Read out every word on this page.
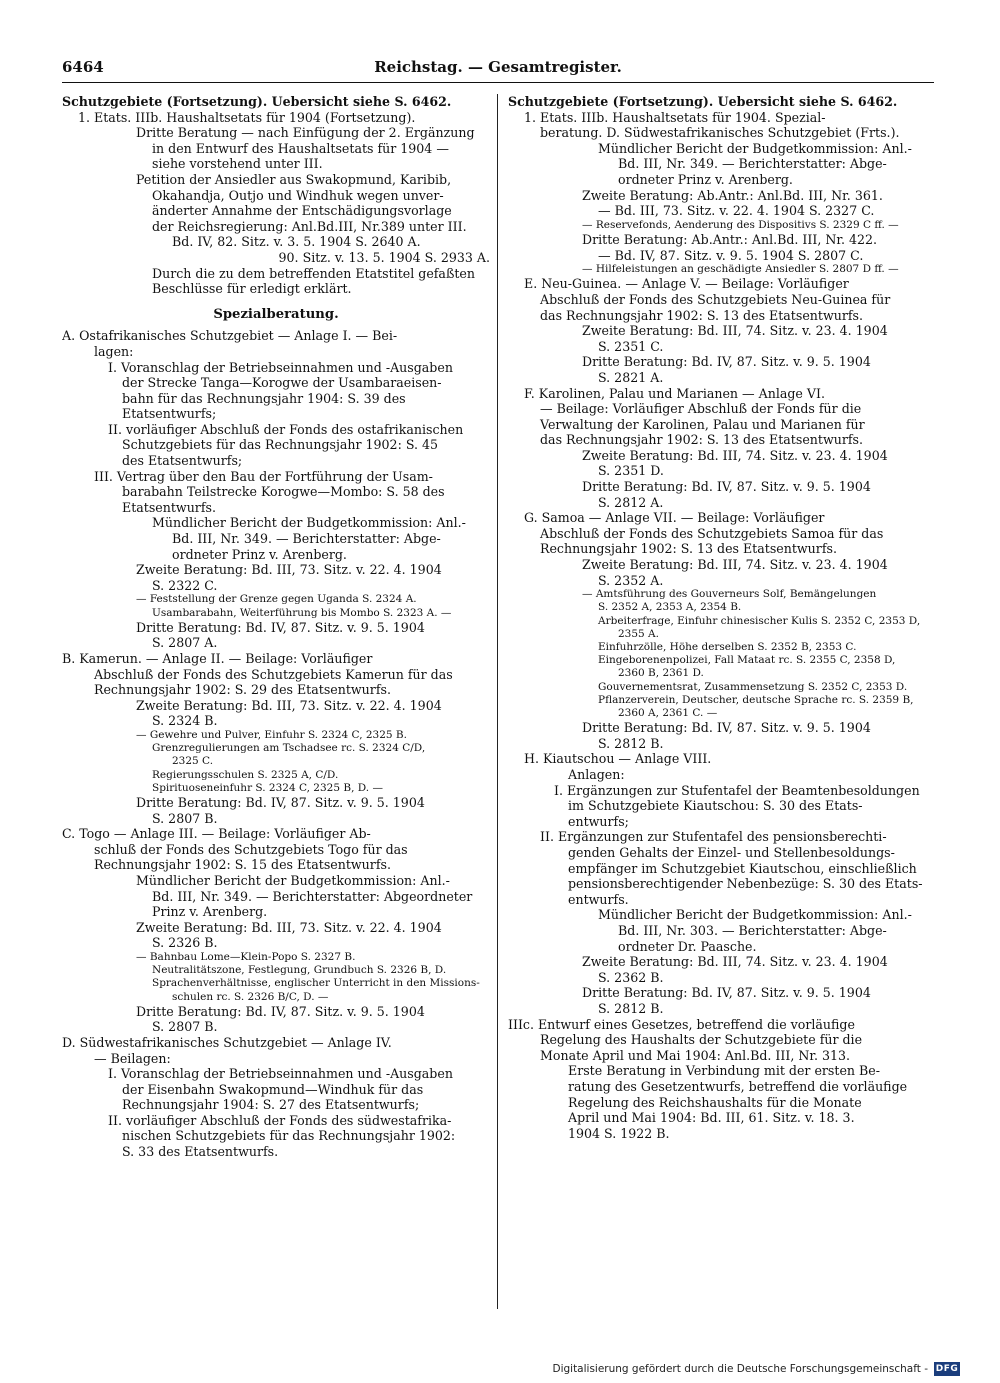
6464	Reichstag. — Gesamtregister.
Schutzgebiete (Fortsetzung). Uebersicht siehe S. 6462.
1. Etats. IIIb. Haushaltsetats für 1904 (Fortsetzung).
Dritte Beratung — nach Einfügung der 2. Ergänzung
in den Entwurf des Haushaltsetats für 1904 —
siehe vorstehend unter III.
Petition der Ansiedler aus Swakopmund, Karibib,
Okahandja, Outjo und Windhuk wegen unver-
änderter Annahme der Entschädigungsvorlage
der Reichsregierung: Anl.Bd.III, Nr.389 unter III.
Bd. IV, 82. Sitz. v. 3. 5. 1904 S. 2640 A.
90. Sitz. v. 13. 5. 1904 S. 2933 A.
Durch die zu dem betreffenden Etatstitel gefaßten
Beschlüsse für erledigt erklärt.
Spezialberatung.
A. Ostafrikanisches Schutzgebiet — Anlage I. — Bei-
lagen:
I. Voranschlag der Betriebseinnahmen und -Ausgaben
der Strecke Tanga—Korogwe der Usambaraeisen-
bahn für das Rechnungsjahr 1904: S. 39 des
Etatsentwurfs;
II. vorläufiger Abschluß der Fonds des ostafrikanischen
Schutzgebiets für das Rechnungsjahr 1902: S. 45
des Etatsentwurfs;
III. Vertrag über den Bau der Fortführung der Usam-
barabahn Teilstrecke Korogwe—Mombo: S. 58 des
Etatsentwurfs.
Mündlicher Bericht der Budgetkommission: Anl.-
Bd. III, Nr. 349. — Berichterstatter: Abge-
ordneter Prinz v. Arenberg.
Zweite Beratung: Bd. III, 73. Sitz. v. 22. 4. 1904
S. 2322 C.
— Feststellung der Grenze gegen Uganda S. 2324 A.
Usambarabahn, Weiterführung bis Mombo S. 2323 A. —
Dritte Beratung: Bd. IV, 87. Sitz. v. 9. 5. 1904
S. 2807 A.
B. Kamerun. — Anlage II. — Beilage: Vorläufiger
Abschluß der Fonds des Schutzgebiets Kamerun für das
Rechnungsjahr 1902: S. 29 des Etatsentwurfs.
Zweite Beratung: Bd. III, 73. Sitz. v. 22. 4. 1904
S. 2324 B.
— Gewehre und Pulver, Einfuhr S. 2324 C, 2325 B.
Grenzregulierungen am Tschadsee rc. S. 2324 C/D,
2325 C.
Regierungsschulen S. 2325 A, C/D.
Spirituoseneinfuhr S. 2324 C, 2325 B, D. —
Dritte Beratung: Bd. IV, 87. Sitz. v. 9. 5. 1904
S. 2807 B.
C. Togo — Anlage III. — Beilage: Vorläufiger Ab-
schluß der Fonds des Schutzgebiets Togo für das
Rechnungsjahr 1902: S. 15 des Etatsentwurfs.
Mündlicher Bericht der Budgetkommission: Anl.-
Bd. III, Nr. 349. — Berichterstatter: Abgeordneter
Prinz v. Arenberg.
Zweite Beratung: Bd. III, 73. Sitz. v. 22. 4. 1904
S. 2326 B.
— Bahnbau Lome—Klein-Popo S. 2327 B.
Neutralitätszone, Festlegung, Grundbuch S. 2326 B, D.
Sprachenverhältnisse, englischer Unterricht in den Missions-
schulen rc. S. 2326 B/C, D. —
Dritte Beratung: Bd. IV, 87. Sitz. v. 9. 5. 1904
S. 2807 B.
D. Südwestafrikanisches Schutzgebiet — Anlage IV.
— Beilagen:
I. Voranschlag der Betriebseinnahmen und -Ausgaben
der Eisenbahn Swakopmund—Windhuk für das
Rechnungsjahr 1904: S. 27 des Etatsentwurfs;
II. vorläufiger Abschluß der Fonds des südwestafrika-
nischen Schutzgebiets für das Rechnungsjahr 1902:
S. 33 des Etatsentwurfs.
Schutzgebiete (Fortsetzung). Uebersicht siehe S. 6462.
1. Etats. IIIb. Haushaltsetats für 1904. Spezial-
beratung. D. Südwestafrikanisches Schutzgebiet (Frts.).
Mündlicher Bericht der Budgetkommission: Anl.-
Bd. III, Nr. 349. — Berichterstatter: Abge-
ordneter Prinz v. Arenberg.
Zweite Beratung: Ab.Antr.: Anl.Bd. III, Nr. 361.
— Bd. III, 73. Sitz. v. 22. 4. 1904 S. 2327 C.
— Reservefonds, Aenderung des Dispositivs S. 2329 C ff. —
Dritte Beratung: Ab.Antr.: Anl.Bd. III, Nr. 422.
— Bd. IV, 87. Sitz. v. 9. 5. 1904 S. 2807 C.
— Hilfeleistungen an geschädigte Ansiedler S. 2807 D ff. —
E. Neu-Guinea. — Anlage V. — Beilage: Vorläufiger
Abschluß der Fonds des Schutzgebiets Neu-Guinea für
das Rechnungsjahr 1902: S. 13 des Etatsentwurfs.
Zweite Beratung: Bd. III, 74. Sitz. v. 23. 4. 1904
S. 2351 C.
Dritte Beratung: Bd. IV, 87. Sitz. v. 9. 5. 1904
S. 2821 A.
F. Karolinen, Palau und Marianen — Anlage VI.
— Beilage: Vorläufiger Abschluß der Fonds für die
Verwaltung der Karolinen, Palau und Marianen für
das Rechnungsjahr 1902: S. 13 des Etatsentwurfs.
Zweite Beratung: Bd. III, 74. Sitz. v. 23. 4. 1904
S. 2351 D.
Dritte Beratung: Bd. IV, 87. Sitz. v. 9. 5. 1904
S. 2812 A.
G. Samoa — Anlage VII. — Beilage: Vorläufiger
Abschluß der Fonds des Schutzgebiets Samoa für das
Rechnungsjahr 1902: S. 13 des Etatsentwurfs.
Zweite Beratung: Bd. III, 74. Sitz. v. 23. 4. 1904
S. 2352 A.
— Amtsführung des Gouverneurs Solf, Bemängelungen
S. 2352 A, 2353 A, 2354 B.
Arbeiterfrage, Einfuhr chinesischer Kulis S. 2352 C, 2353 D,
2355 A.
Einfuhrzölle, Höhe derselben S. 2352 B, 2353 C.
Eingeborenenpolizei, Fall Mataat rc. S. 2355 C, 2358 D,
2360 B, 2361 D.
Gouvernementsrat, Zusammensetzung S. 2352 C, 2353 D.
Pflanzerverein, Deutscher, deutsche Sprache rc. S. 2359 B,
2360 A, 2361 C. —
Dritte Beratung: Bd. IV, 87. Sitz. v. 9. 5. 1904
S. 2812 B.
H. Kiautschou — Anlage VIII.
Anlagen:
I. Ergänzungen zur Stufentafel der Beamtenbesoldungen
im Schutzgebiete Kiautschou: S. 30 des Etats-
entwurfs;
II. Ergänzungen zur Stufentafel des pensionsberechti-
genden Gehalts der Einzel- und Stellenbesoldungs-
empfänger im Schutzgebiet Kiautschou, einschließlich
pensionsberechtigender Nebenbezüge: S. 30 des Etats-
entwurfs.
Mündlicher Bericht der Budgetkommission: Anl.-
Bd. III, Nr. 303. — Berichterstatter: Abge-
ordneter Dr. Paasche.
Zweite Beratung: Bd. III, 74. Sitz. v. 23. 4. 1904
S. 2362 B.
Dritte Beratung: Bd. IV, 87. Sitz. v. 9. 5. 1904
S. 2812 B.
IIIc. Entwurf eines Gesetzes, betreffend die vorläufige
Regelung des Haushalts der Schutzgebiete für die
Monate April und Mai 1904: Anl.Bd. III, Nr. 313.
Erste Beratung in Verbindung mit der ersten Be-
ratung des Gesetzentwurfs, betreffend die vorläufige
Regelung des Reichshaushalts für die Monate
April und Mai 1904: Bd. III, 61. Sitz. v. 18. 3.
1904 S. 1922 B.
Digitalisierung gefördert durch die Deutsche Forschungsgemeinschaft - DFG
